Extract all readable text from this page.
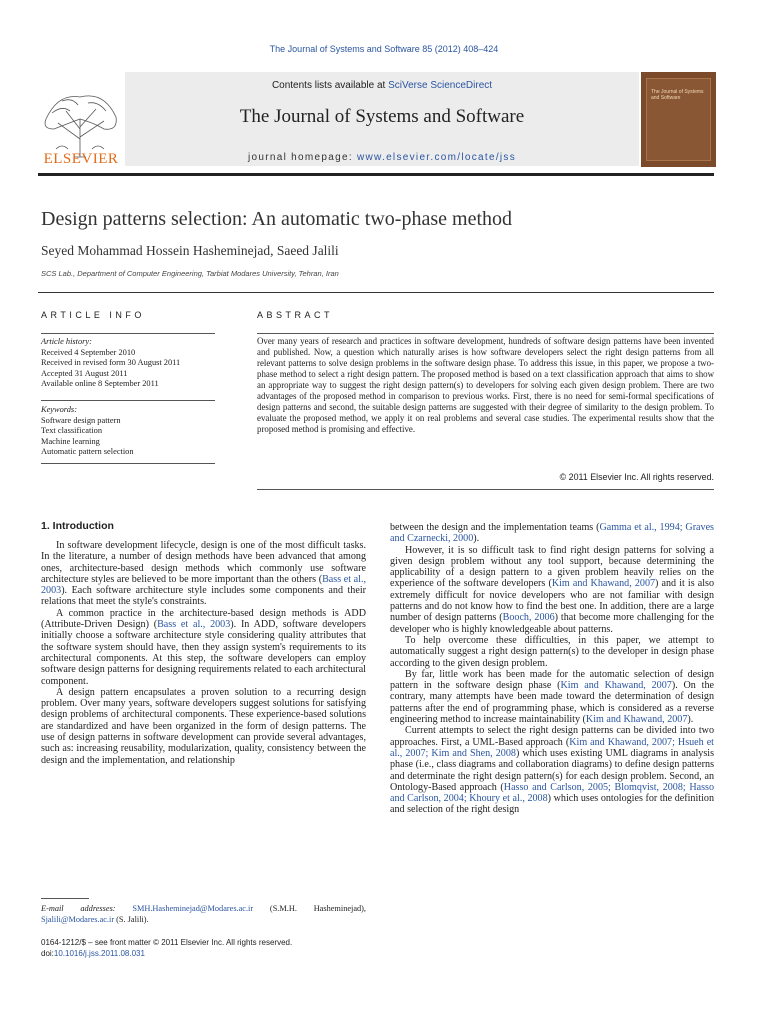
The Journal of Systems and Software 85 (2012) 408–424
Contents lists available at SciVerse ScienceDirect
The Journal of Systems and Software
journal homepage: www.elsevier.com/locate/jss
ELSEVIER
The Journal of Systems and Software
Design patterns selection: An automatic two-phase method
Seyed Mohammad Hossein Hasheminejad, Saeed Jalili
SCS Lab., Department of Computer Engineering, Tarbiat Modares University, Tehran, Iran
ARTICLE INFO
Article history:
Received 4 September 2010
Received in revised form 30 August 2011
Accepted 31 August 2011
Available online 8 September 2011
Keywords:
Software design pattern
Text classification
Machine learning
Automatic pattern selection
ABSTRACT
Over many years of research and practices in software development, hundreds of software design patterns have been invented and published. Now, a question which naturally arises is how software developers select the right design patterns from all relevant patterns to solve design problems in the software design phase. To address this issue, in this paper, we propose a two-phase method to select a right design pattern. The proposed method is based on a text classification approach that aims to show an appropriate way to suggest the right design pattern(s) to developers for solving each given design problem. There are two advantages of the proposed method in comparison to previous works. First, there is no need for semi-formal specifications of design patterns and second, the suitable design patterns are suggested with their degree of similarity to the design problem. To evaluate the proposed method, we apply it on real problems and several case studies. The experimental results show that the proposed method is promising and effective.
© 2011 Elsevier Inc. All rights reserved.
1. Introduction

In software development lifecycle, design is one of the most difficult tasks. In the literature, a number of design methods have been advanced that among ones, architecture-based design methods which commonly use software architecture styles are believed to be more important than the others (Bass et al., 2003). Each software architecture style includes some components and their relations that meet the style's constraints.

A common practice in the architecture-based design methods is ADD (Attribute-Driven Design) (Bass et al., 2003). In ADD, software developers initially choose a software architecture style considering quality attributes that the software system should have, then they assign system's requirements to its architectural components. At this step, the software developers can employ software design patterns for designing requirements related to each architectural component.

A design pattern encapsulates a proven solution to a recurring design problem. Over many years, software developers suggest solutions for satisfying design problems of architectural components. These experience-based solutions are standardized and have been organized in the form of design patterns. The use of design patterns in software development can provide several advantages, such as: increasing reusability, modularization, quality, consistency between the design and the implementation, and relationship

between the design and the implementation teams (Gamma et al., 1994; Graves and Czarnecki, 2000).

However, it is so difficult task to find right design patterns for solving a given design problem without any tool support, because determining the applicability of a design pattern to a given problem heavily relies on the experience of the software developers (Kim and Khawand, 2007) and it is also extremely difficult for novice developers who are not familiar with design patterns and do not know how to find the best one. In addition, there are a large number of design patterns (Booch, 2006) that become more challenging for the developer who is highly knowledgeable about patterns.

To help overcome these difficulties, in this paper, we attempt to automatically suggest a right design pattern(s) to the developer in design phase according to the given design problem.

By far, little work has been made for the automatic selection of design pattern in the software design phase (Kim and Khawand, 2007). On the contrary, many attempts have been made toward the determination of design patterns after the end of programming phase, which is considered as a reverse engineering method to increase maintainability (Kim and Khawand, 2007).

Current attempts to select the right design patterns can be divided into two approaches. First, a UML-Based approach (Kim and Khawand, 2007; Hsueh et al., 2007; Kim and Shen, 2008) which uses existing UML diagrams in analysis phase (i.e., class diagrams and collaboration diagrams) to define design patterns and determinate the right design pattern(s) for each design problem. Second, an Ontology-Based approach (Hasso and Carlson, 2005; Blomqvist, 2008; Hasso and Carlson, 2004; Khoury et al., 2008) which uses ontologies for the definition and selection of the right design

E-mail addresses: SMH.Hasheminejad@Modares.ac.ir (S.M.H. Hasheminejad), Sjalili@Modares.ac.ir (S. Jalili).
0164-1212/$ – see front matter © 2011 Elsevier Inc. All rights reserved.
doi:10.1016/j.jss.2011.08.031
